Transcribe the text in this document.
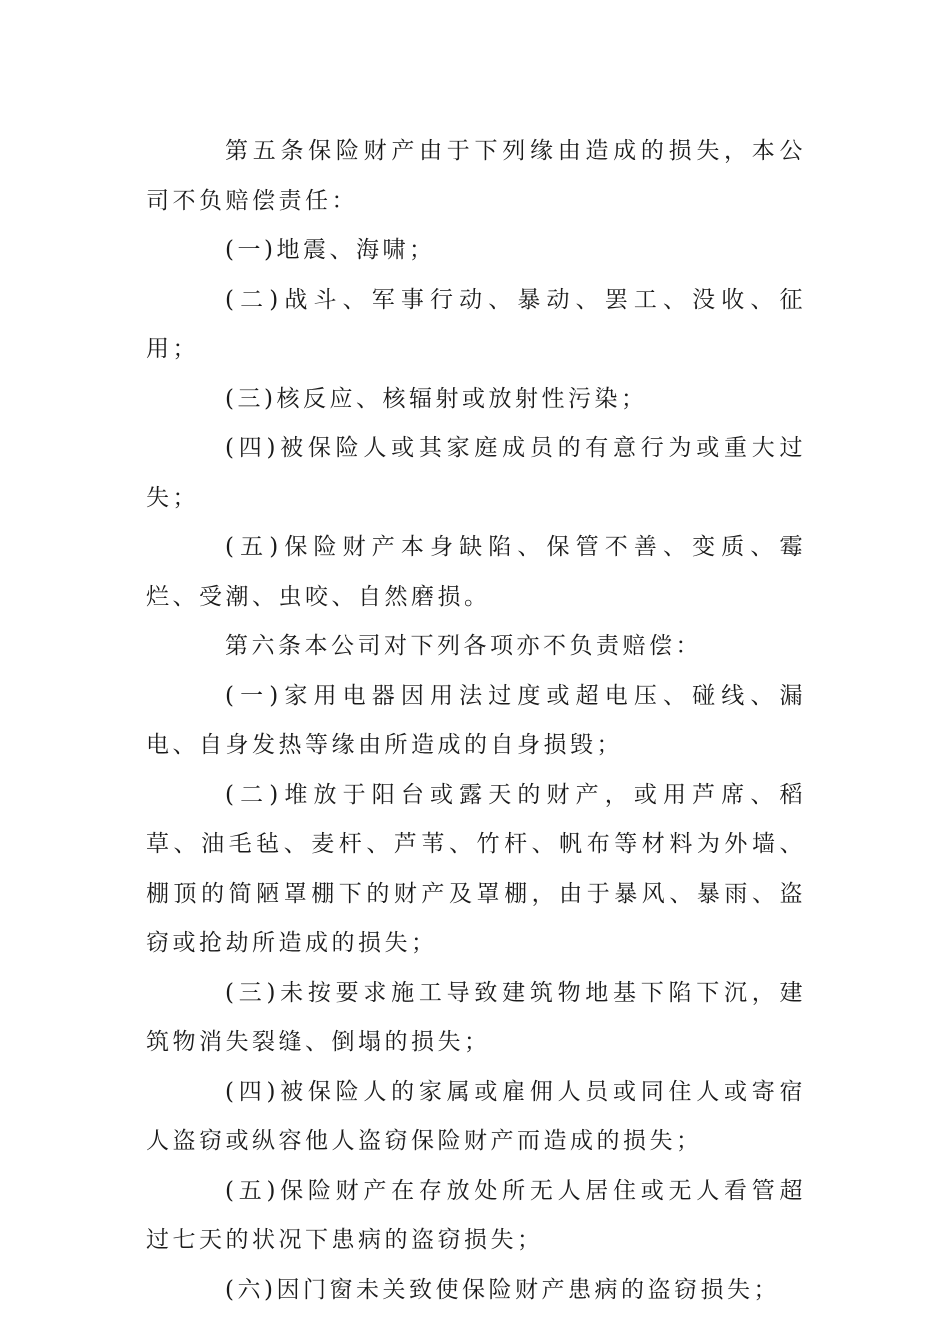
第五条保险财产由于下列缘由造成的损失，本公司不负赔偿责任：

(一)地震、海啸；

(二)战斗、军事行动、暴动、罢工、没收、征用；

(三)核反应、核辐射或放射性污染；

(四)被保险人或其家庭成员的有意行为或重大过失；

(五)保险财产本身缺陷、保管不善、变质、霉烂、受潮、虫咬、自然磨损。

第六条本公司对下列各项亦不负责赔偿：

(一)家用电器因用法过度或超电压、碰线、漏电、自身发热等缘由所造成的自身损毁；

(二)堆放于阳台或露天的财产，或用芦席、稻草、油毛毡、麦杆、芦苇、竹杆、帆布等材料为外墙、棚顶的简陋罩棚下的财产及罩棚，由于暴风、暴雨、盗窃或抢劫所造成的损失；

(三)未按要求施工导致建筑物地基下陷下沉，建筑物消失裂缝、倒塌的损失；

(四)被保险人的家属或雇佣人员或同住人或寄宿人盗窃或纵容他人盗窃保险财产而造成的损失；

(五)保险财产在存放处所无人居住或无人看管超过七天的状况下患病的盗窃损失；

(六)因门窗未关致使保险财产患病的盗窃损失；
